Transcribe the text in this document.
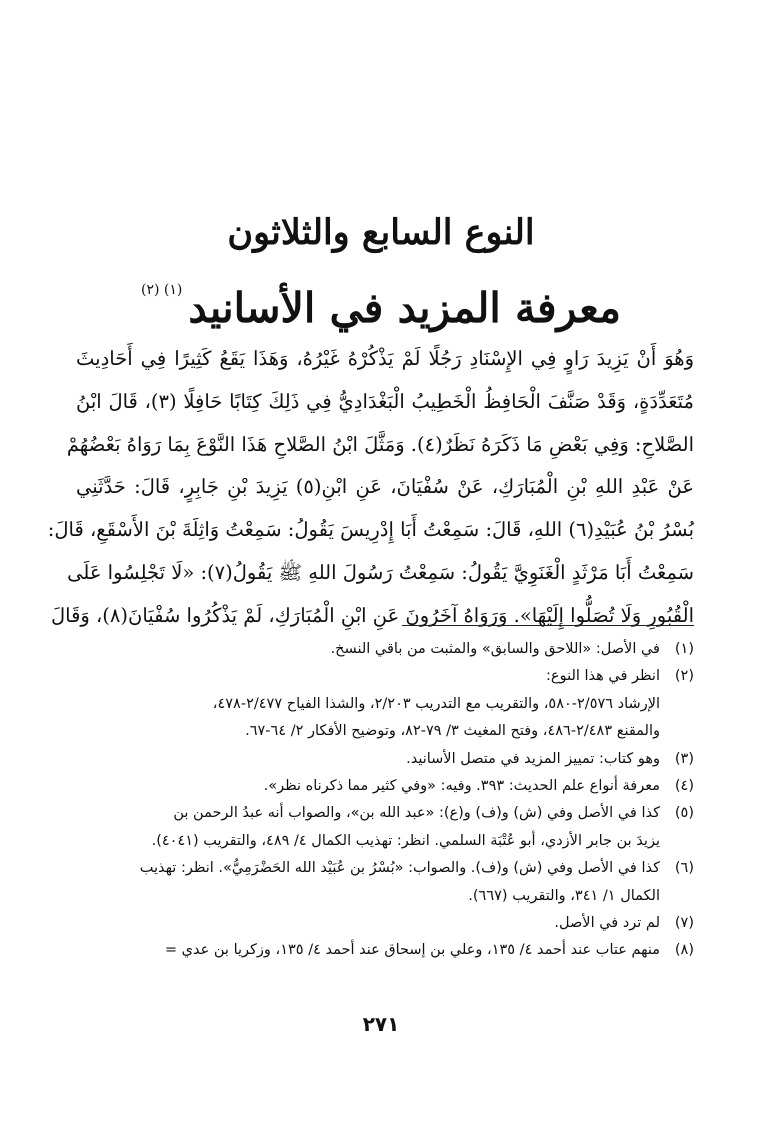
النوع السابع والثلاثون
معرفة المزيد في الأسانيد$^{(١) (٢)}$
وَهُوَ أَنْ يَزِيدَ رَاوٍ فِي الإِسْنَادِ رَجُلًا لَمْ يَذْكُرْهُ غَيْرُهُ، وَهَذَا يَقَعُ كَثِيرًا فِي أَحَادِيثَ
مُتَعَدِّدَةٍ، وَقَدْ صَنَّفَ الْحَافِظُ الْخَطِيبُ الْبَغْدَادِيُّ فِي ذَلِكَ كِتَابًا حَافِلًا (٣)، قَالَ ابْنُ
الصَّلاحِ: وَفِي بَعْضِ مَا ذَكَرَهُ نَظَرٌ(٤). وَمَثَّلَ ابْنُ الصَّلاحِ هَذَا النَّوْعَ بِمَا رَوَاهُ بَعْضُهُمْ
عَنْ عَبْدِ اللهِ بْنِ الْمُبَارَكِ، عَنْ سُفْيَانَ، عَنِ ابْنِ(٥) يَزِيدَ بْنِ جَابِرٍ، قَالَ: حَدَّثَنِي
بُسْرُ بْنُ عُبَيْدِ(٦) اللهِ، قَالَ: سَمِعْتُ أَبَا إِدْرِيسَ يَقُولُ: سَمِعْتُ وَاثِلَةَ بْنَ الأَسْقَعِ، قَالَ:
سَمِعْتُ أَبَا مَرْثَدٍ الْغَنَوِيَّ يَقُولُ: سَمِعْتُ رَسُولَ اللهِ ﷺ يَقُولُ(٧): «لَا تَجْلِسُوا عَلَى
الْقُبُورِ وَلَا تُصَلُّوا إِلَيْهَا». وَرَوَاهُ آخَرُونَ عَنِ ابْنِ الْمُبَارَكِ، لَمْ يَذْكُرُوا سُفْيَانَ(٨)، وَقَالَ
(١)في الأصل: «اللاحق والسابق» والمثبت من باقي النسخ.
(٢)انظر في هذا النوع:
الإرشاد ٢/٥٧٦-٥٨٠، والتقريب مع التدريب ٢/٢٠٣، والشذا الفياح ٢/٤٧٧-٤٧٨،
والمقنع ٢/٤٨٣-٤٨٦، وفتح المغيث ٣/ ٧٩-٨٢، وتوضيح الأفكار ٢/ ٦٤-٦٧.
(٣)وهو كتاب: تمييز المزيد في متصل الأسانيد.
(٤)معرفة أنواع علم الحديث: ٣٩٣. وفيه: «وفي كثير مما ذكرناه نظر».
(٥)كذا في الأصل وفي (ش) و(ف) و(ع): «عبد الله بن»، والصواب أنه عبدُ الرحمن بن
يزيدَ بن جابر الأزدي، أبو عُتْبَة السلمي. انظر: تهذيب الكمال ٤/ ٤٨٩، والتقريب (٤٠٤١).
(٦)كذا في الأصل وفي (ش) و(ف). والصواب: «بُسْرُ بن عُبَيْد الله الحَضْرَمِيُّ». انظر: تهذيب
الكمال ١/ ٣٤١، والتقريب (٦٦٧).
(٧)لم ترد في الأصل.
(٨)منهم عتاب عند أحمد ٤/ ١٣٥، وعلي بن إسحاق عند أحمد ٤/ ١٣٥، وزكريا بن عدي =
٢٧١
